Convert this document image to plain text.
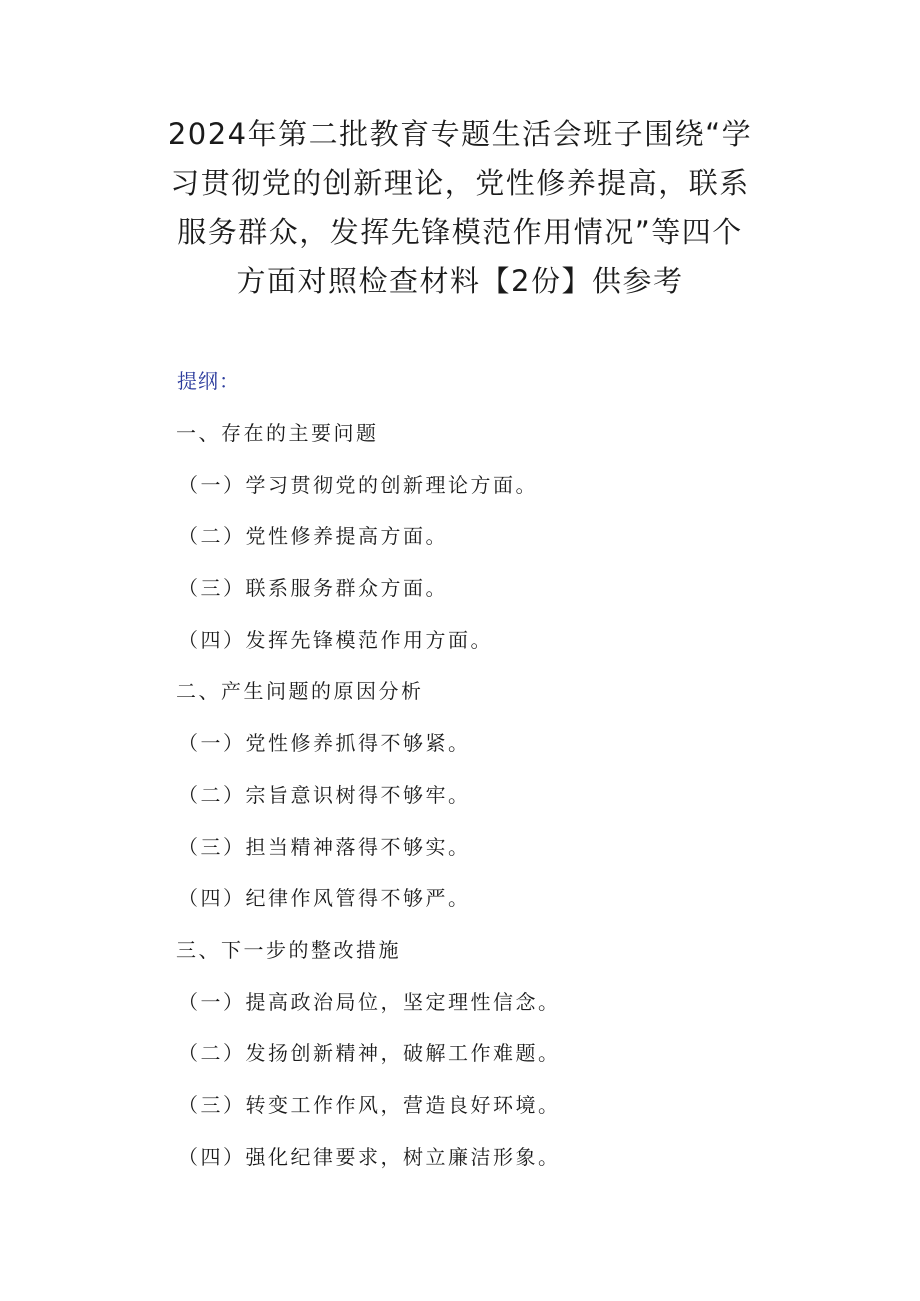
2024年第二批教育专题生活会班子围绕“学
习贯彻党的创新理论，党性修养提高，联系
服务群众，发挥先锋模范作用情况”等四个
方面对照检查材料【2份】供参考
提纲：
一、存在的主要问题
（一）学习贯彻党的创新理论方面。
（二）党性修养提高方面。
（三）联系服务群众方面。
（四）发挥先锋模范作用方面。
二、产生问题的原因分析
（一）党性修养抓得不够紧。
（二）宗旨意识树得不够牢。
（三）担当精神落得不够实。
（四）纪律作风管得不够严。
三、下一步的整改措施
（一）提高政治局位，坚定理性信念。
（二）发扬创新精神，破解工作难题。
（三）转变工作作风，营造良好环境。
（四）强化纪律要求，树立廉洁形象。
